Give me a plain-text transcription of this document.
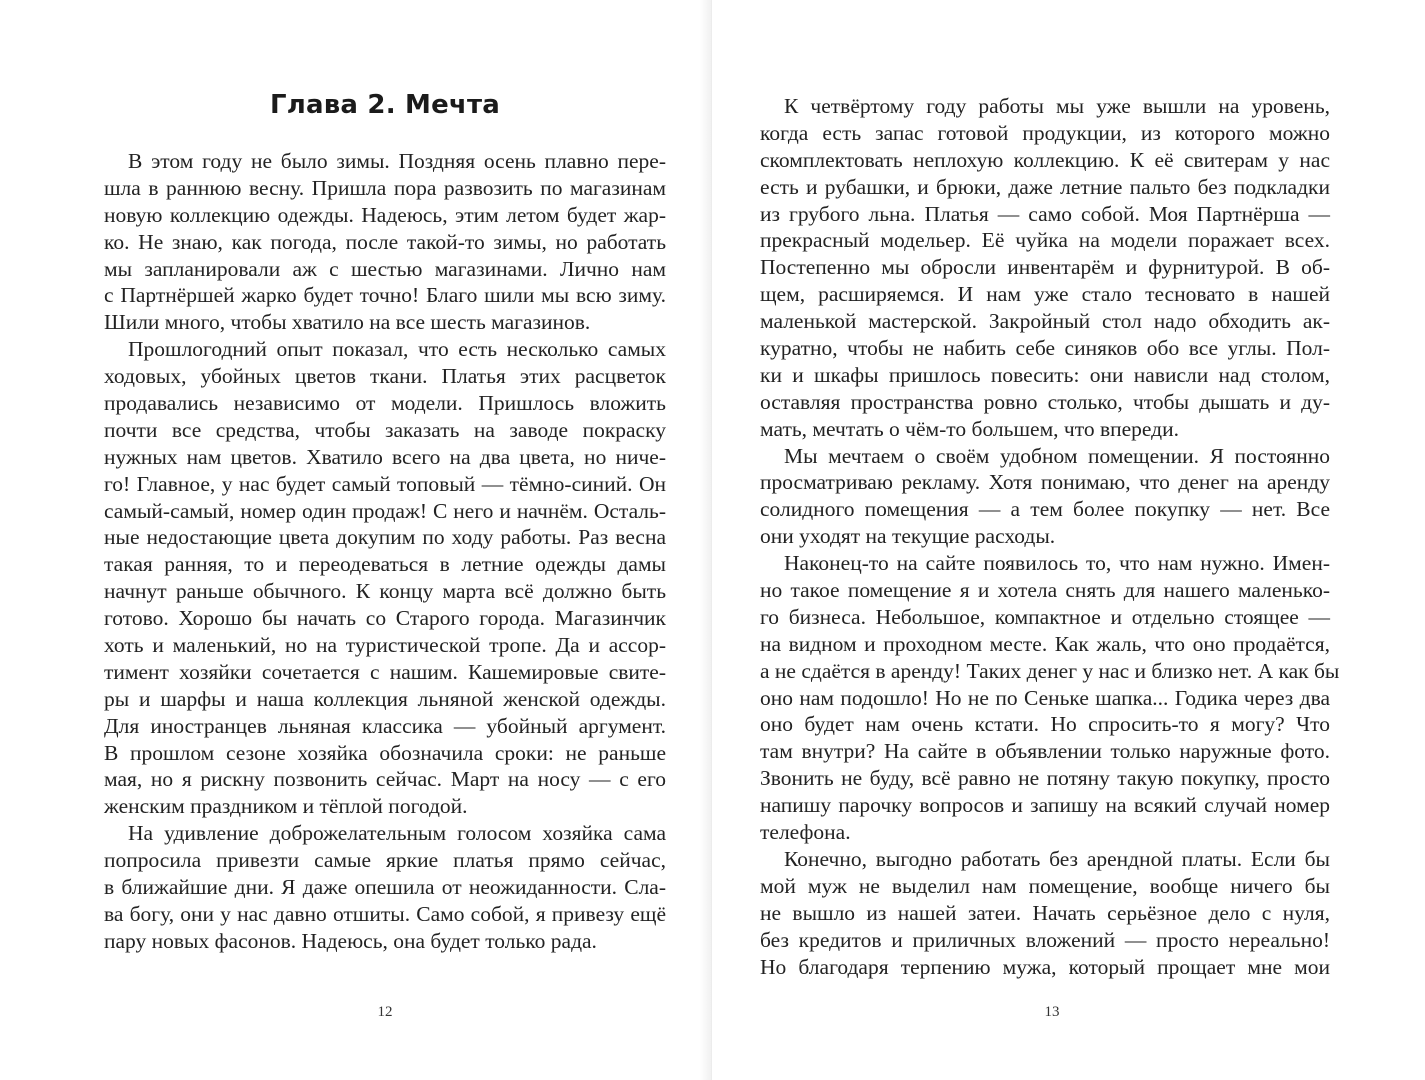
Глава 2. Мечта
В этом году не было зимы. Поздняя осень плавно пере-
шла в раннюю весну. Пришла пора развозить по магазинам
новую коллекцию одежды. Надеюсь, этим летом будет жар-
ко. Не знаю, как погода, после такой-то зимы, но работать
мы запланировали аж с шестью магазинами. Лично нам
с Партнёршей жарко будет точно! Благо шили мы всю зиму.
Шили много, чтобы хватило на все шесть магазинов.
Прошлогодний опыт показал, что есть несколько самых
ходовых, убойных цветов ткани. Платья этих расцветок
продавались независимо от модели. Пришлось вложить
почти все средства, чтобы заказать на заводе покраску
нужных нам цветов. Хватило всего на два цвета, но ниче-
го! Главное, у нас будет самый топовый — тёмно-синий. Он
самый-самый, номер один продаж! С него и начнём. Осталь-
ные недостающие цвета докупим по ходу работы. Раз весна
такая ранняя, то и переодеваться в летние одежды дамы
начнут раньше обычного. К концу марта всё должно быть
готово. Хорошо бы начать со Старого города. Магазинчик
хоть и маленький, но на туристической тропе. Да и ассор-
тимент хозяйки сочетается с нашим. Кашемировые свите-
ры и шарфы и наша коллекция льняной женской одежды.
Для иностранцев льняная классика — убойный аргумент.
В прошлом сезоне хозяйка обозначила сроки: не раньше
мая, но я рискну позвонить сейчас. Март на носу — с его
женским праздником и тёплой погодой.
На удивление доброжелательным голосом хозяйка сама
попросила привезти самые яркие платья прямо сейчас,
в ближайшие дни. Я даже опешила от неожиданности. Сла-
ва богу, они у нас давно отшиты. Само собой, я привезу ещё
пару новых фасонов. Надеюсь, она будет только рада.
12
К четвёртому году работы мы уже вышли на уровень,
когда есть запас готовой продукции, из которого можно
скомплектовать неплохую коллекцию. К её свитерам у нас
есть и рубашки, и брюки, даже летние пальто без подкладки
из грубого льна. Платья — само собой. Моя Партнёрша —
прекрасный модельер. Её чуйка на модели поражает всех.
Постепенно мы обросли инвентарём и фурнитурой. В об-
щем, расширяемся. И нам уже стало тесновато в нашей
маленькой мастерской. Закройный стол надо обходить ак-
куратно, чтобы не набить себе синяков обо все углы. Пол-
ки и шкафы пришлось повесить: они нависли над столом,
оставляя пространства ровно столько, чтобы дышать и ду-
мать, мечтать о чём-то большем, что впереди.
Мы мечтаем о своём удобном помещении. Я постоянно
просматриваю рекламу. Хотя понимаю, что денег на аренду
солидного помещения — а тем более покупку — нет. Все
они уходят на текущие расходы.
Наконец-то на сайте появилось то, что нам нужно. Имен-
но такое помещение я и хотела снять для нашего маленько-
го бизнеса. Небольшое, компактное и отдельно стоящее —
на видном и проходном месте. Как жаль, что оно продаётся,
а не сдаётся в аренду! Таких денег у нас и близко нет. А как бы
оно нам подошло! Но не по Сеньке шапка... Годика через два
оно будет нам очень кстати. Но спросить-то я могу? Что
там внутри? На сайте в объявлении только наружные фото.
Звонить не буду, всё равно не потяну такую покупку, просто
напишу парочку вопросов и запишу на всякий случай номер
телефона.
Конечно, выгодно работать без арендной платы. Если бы
мой муж не выделил нам помещение, вообще ничего бы
не вышло из нашей затеи. Начать серьёзное дело с нуля,
без кредитов и приличных вложений — просто нереально!
Но благодаря терпению мужа, который прощает мне мои
13
